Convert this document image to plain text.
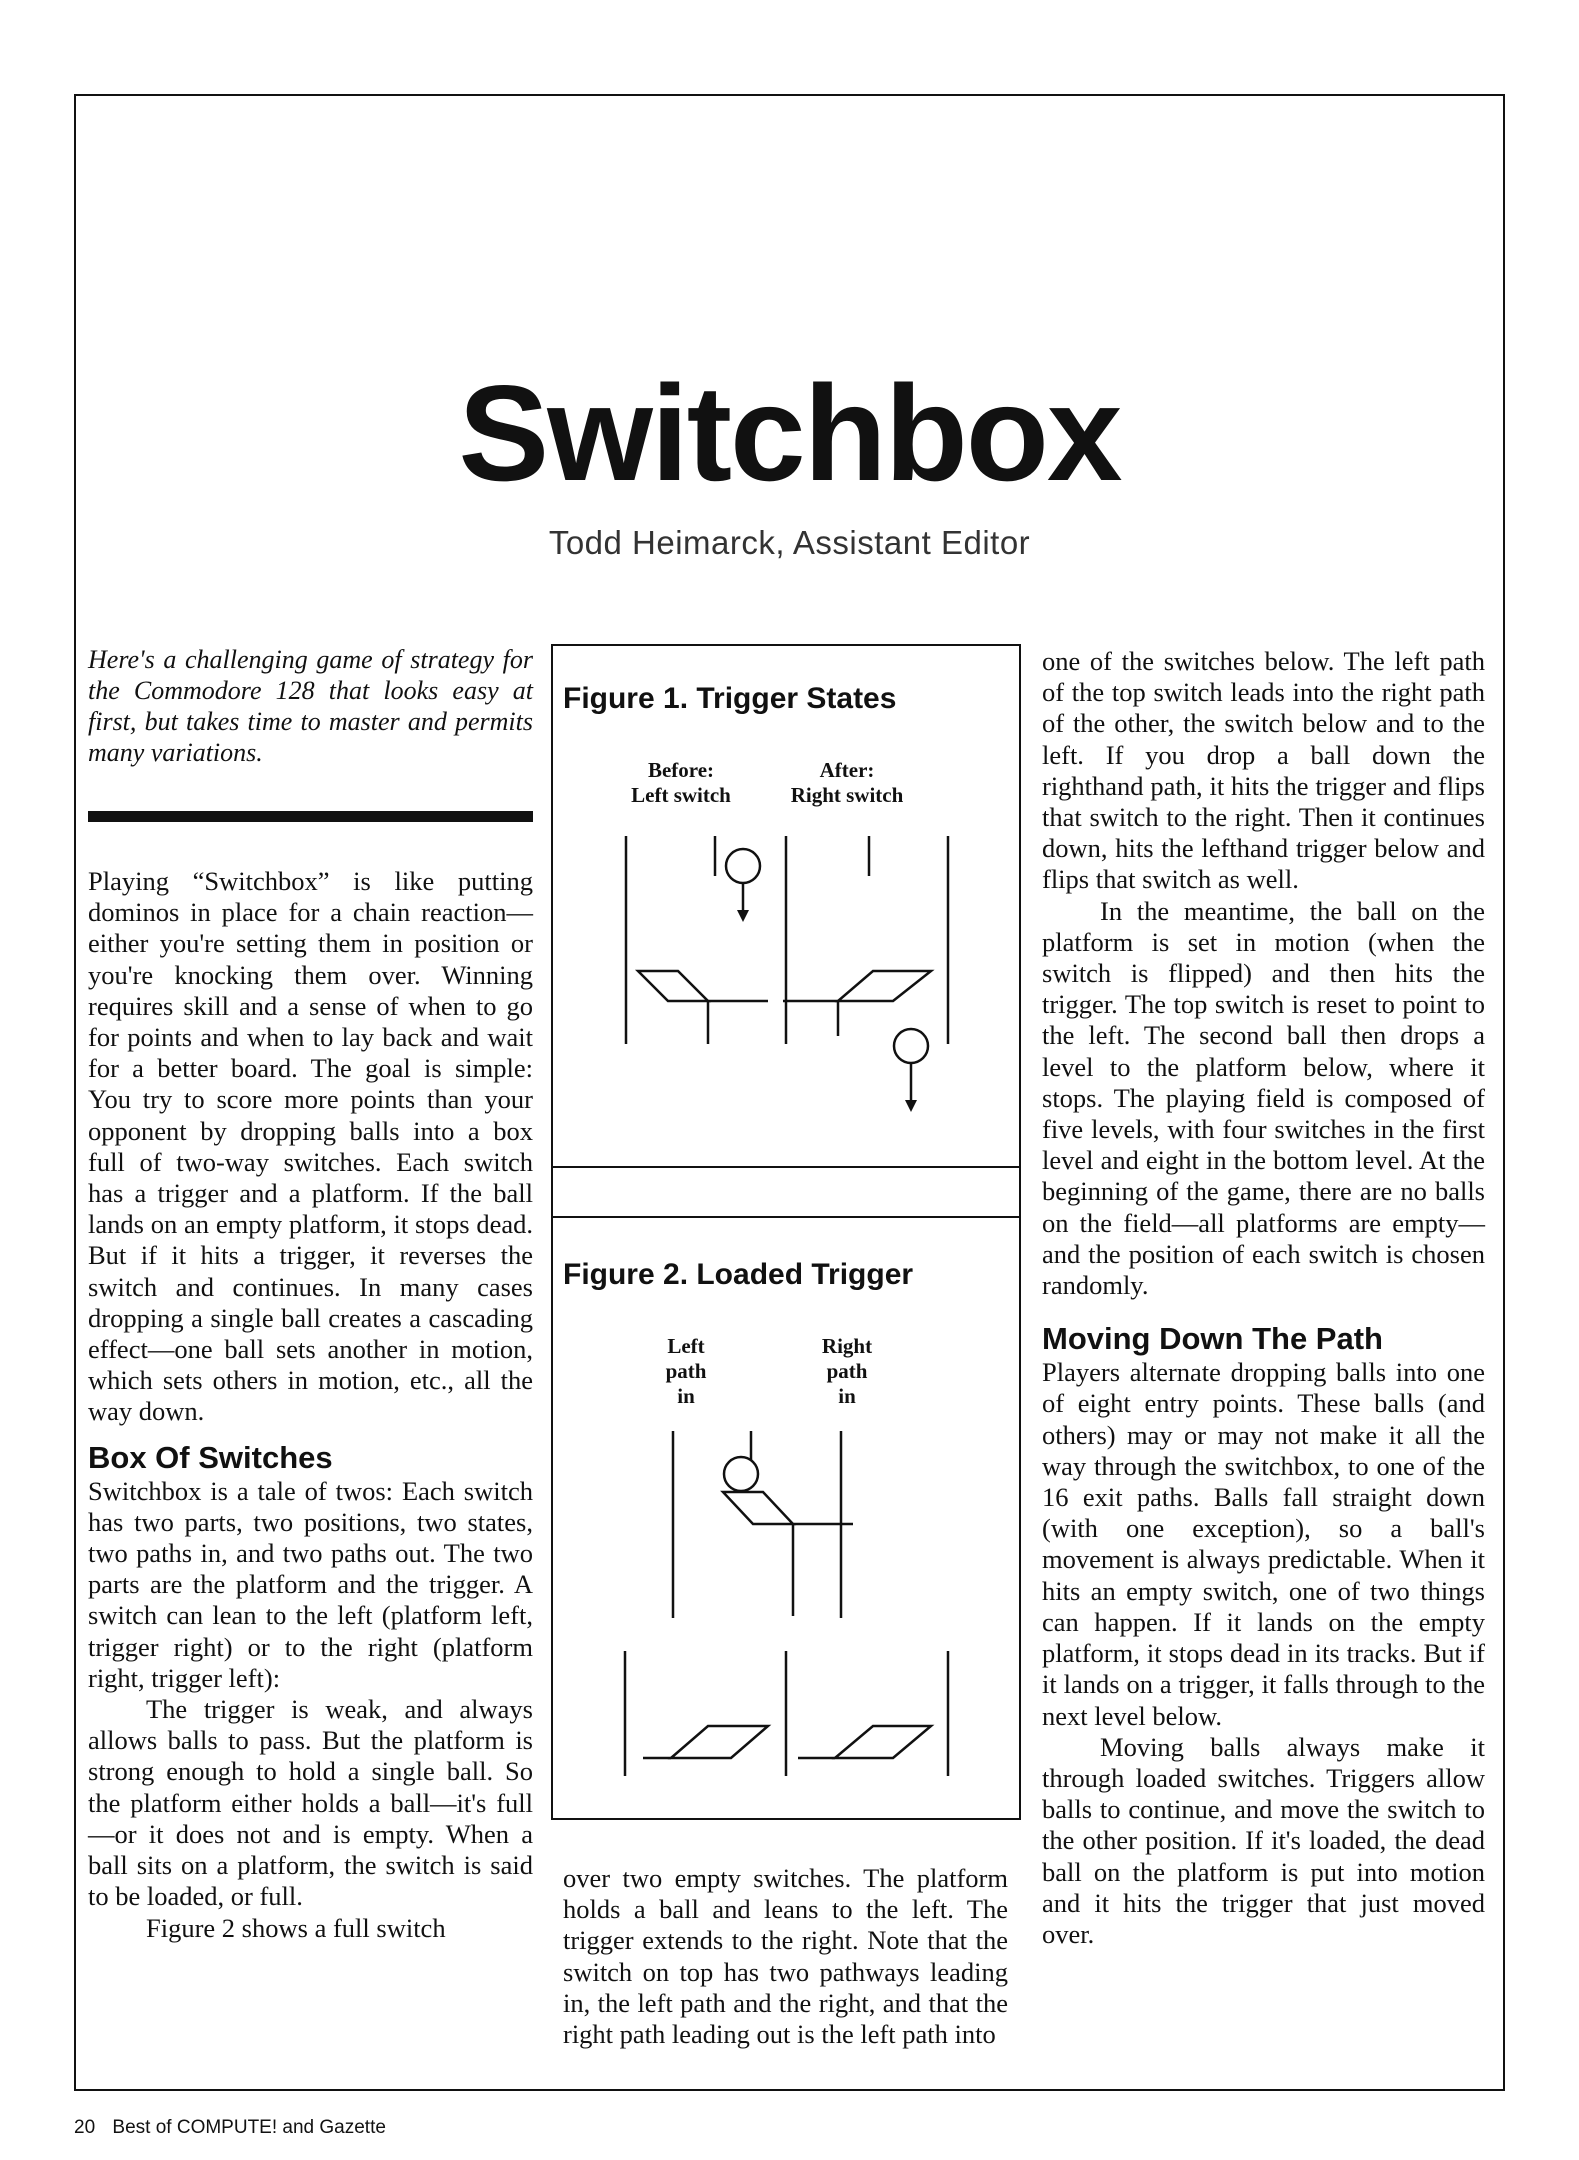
Switchbox
Todd Heimarck, Assistant Editor

Here's a challenging game of strategy for the Commodore 128 that looks easy at first, but takes time to master and permits many variations.

Playing “Switchbox” is like putting dominos in place for a chain reaction—either you're setting them in position or you're knocking them over. Winning requires skill and a sense of when to go for points and when to lay back and wait for a better board. The goal is simple: You try to score more points than your opponent by dropping balls into a box full of two-way switches. Each switch has a trigger and a platform. If the ball lands on an empty platform, it stops dead. But if it hits a trigger, it reverses the switch and continues. In many cases dropping a single ball creates a cascading effect—one ball sets another in motion, which sets others in motion, etc., all the way down.

Box Of Switches

Switchbox is a tale of twos: Each switch has two parts, two positions, two states, two paths in, and two paths out. The two parts are the platform and the trigger. A switch can lean to the left (platform left, trigger right) or to the right (platform right, trigger left):

The trigger is weak, and always allows balls to pass. But the platform is strong enough to hold a single ball. So the platform either holds a ball—it's full—or it does not and is empty. When a ball sits on a platform, the switch is said to be loaded, or full.

Figure 2 shows a full switch

Figure 1. Trigger States
Before:
Left switch
After:
Right switch
Figure 2. Loaded Trigger
Left
path
in
Right
path
in

over two empty switches. The platform holds a ball and leans to the left. The trigger extends to the right. Note that the switch on top has two pathways leading in, the left path and the right, and that the right path leading out is the left path into

one of the switches below. The left path of the top switch leads into the right path of the other, the switch below and to the left. If you drop a ball down the righthand path, it hits the trigger and flips that switch to the right. Then it continues down, hits the lefthand trigger below and flips that switch as well.

In the meantime, the ball on the platform is set in motion (when the switch is flipped) and then hits the trigger. The top switch is reset to point to the left. The second ball then drops a level to the platform below, where it stops. The playing field is composed of five levels, with four switches in the first level and eight in the bottom level. At the beginning of the game, there are no balls on the field—all platforms are empty—and the position of each switch is chosen randomly.

Moving Down The Path

Players alternate dropping balls into one of eight entry points. These balls (and others) may or may not make it all the way through the switchbox, to one of the 16 exit paths. Balls fall straight down (with one exception), so a ball's movement is always predictable. When it hits an empty switch, one of two things can happen. If it lands on the empty platform, it stops dead in its tracks. But if it lands on a trigger, it falls through to the next level below.

Moving balls always make it through loaded switches. Triggers allow balls to continue, and move the switch to the other position. If it's loaded, the dead ball on the platform is put into motion and it hits the trigger that just moved over.

20 Best of COMPUTE! and Gazette
